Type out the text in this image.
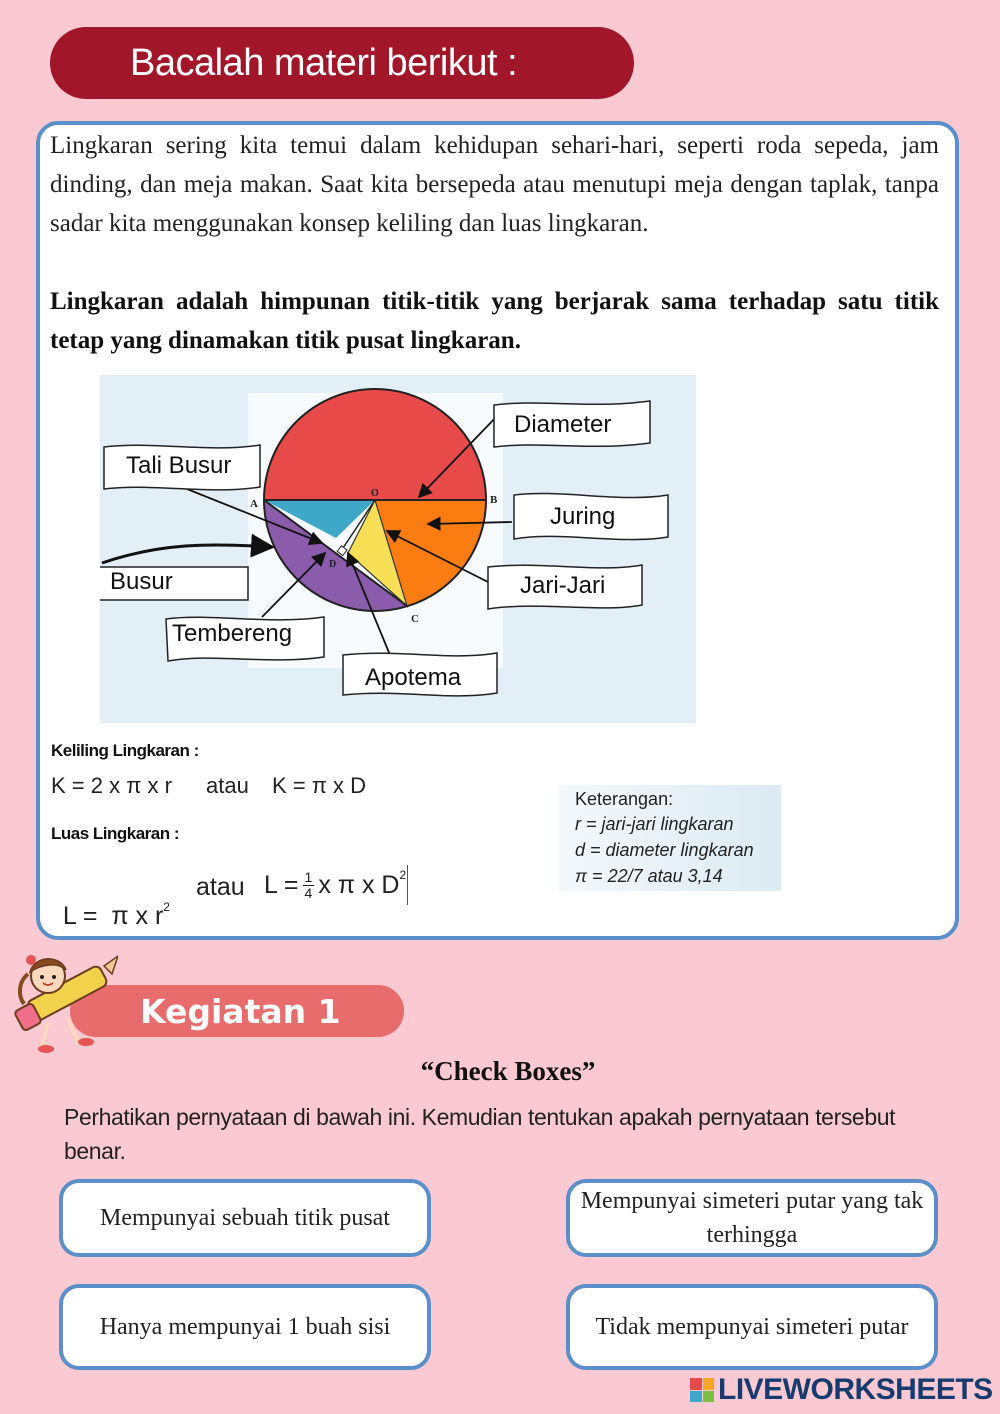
Bacalah materi berikut :

Lingkaran sering kita temui dalam kehidupan sehari-hari, seperti roda sepeda, jam dinding, dan meja makan. Saat kita bersepeda atau menutupi meja dengan taplak, tanpa sadar kita menggunakan konsep keliling dan luas lingkaran.

Lingkaran adalah himpunan titik-titik yang berjarak sama terhadap satu titik tetap yang dinamakan titik pusat lingkaran.

A
O
B
D
C
Diameter
Tali Busur
Juring
Busur	Jari-Jari
Tembereng
Apotema
Keliling Lingkaran :
K = 2 x π x r atau K = π x D
Luas Lingkaran :

L =  π x $r^2$

atau $L = \frac{1}{4}$ x π x $D^2$
Keterangan:
r = jari-jari lingkaran
d = diameter lingkaran
π = 22/7 atau 3,14
Kegiatan 1
“Check Boxes”
Perhatikan pernyataan di bawah ini. Kemudian tentukan apakah pernyataan tersebut benar.
Mempunyai sebuah titik pusat
Mempunyai simeteri putar yang tak terhingga
Hanya mempunyai 1 buah sisi	Tidak mempunyai simeteri putar
LIVEWORKSHEETS
